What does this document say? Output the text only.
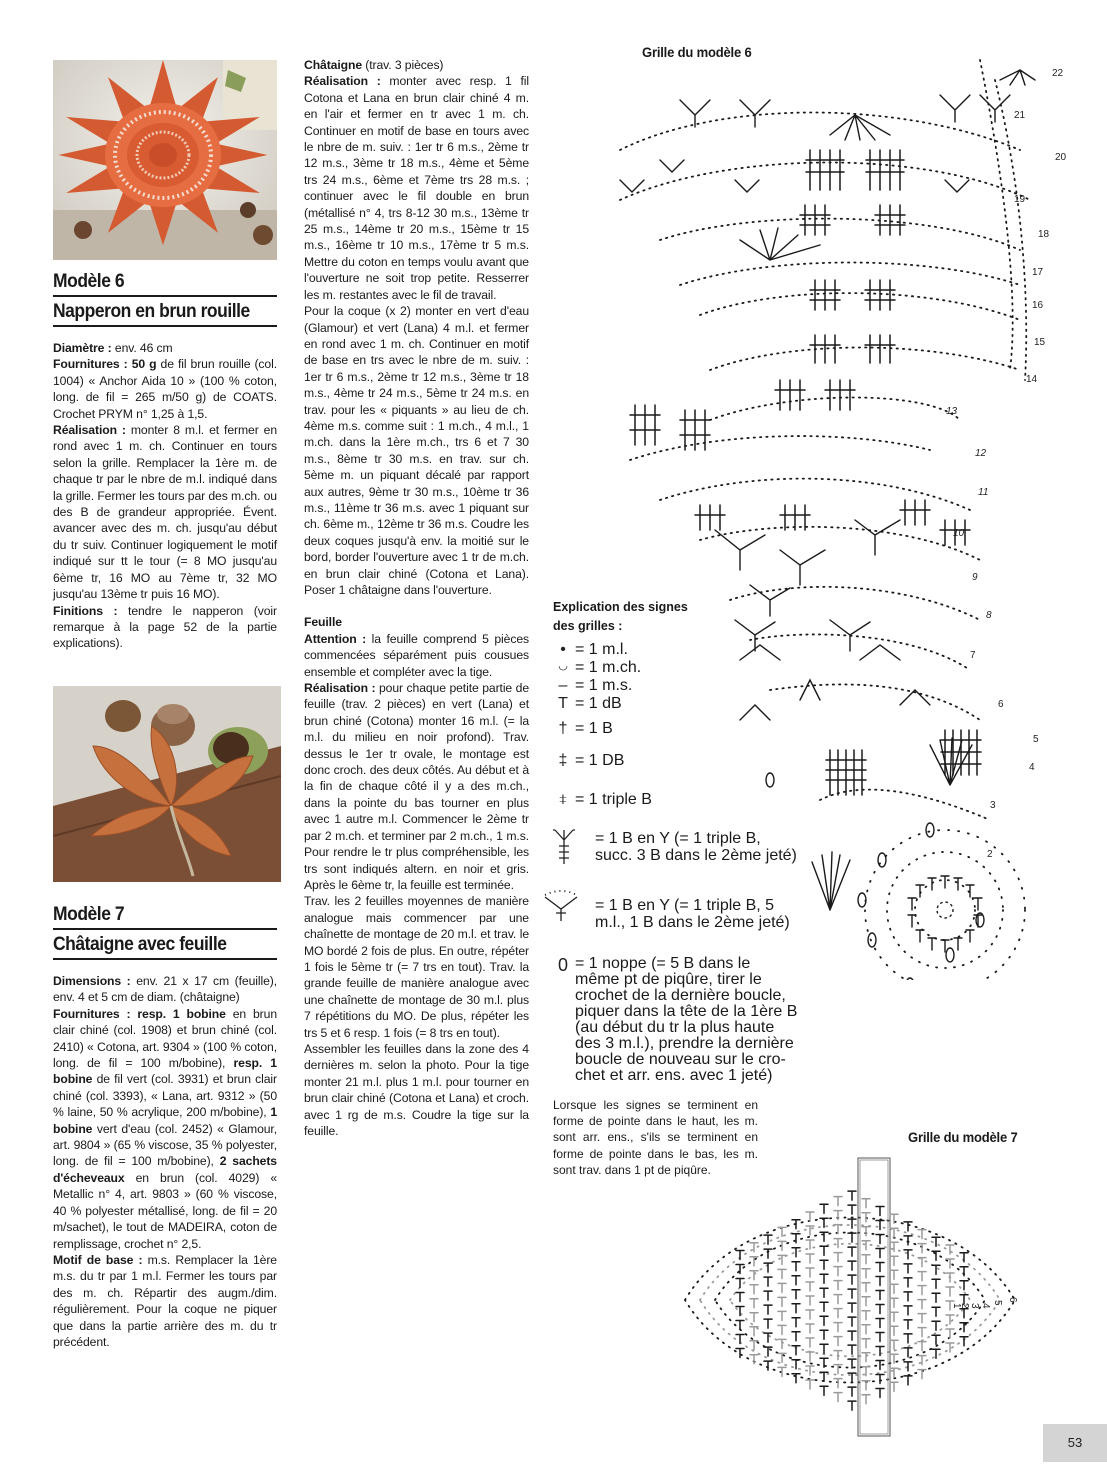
Modèle 6
Napperon en brun rouille
Modèle 7
Châtaigne avec feuille

Diamètre : env. 46 cm

Fournitures : 50 g de fil brun rouille (col. 1004) « Anchor Aida 10 » (100 % coton, long. de fil = 265 m/50 g) de COATS. Crochet PRYM n° 1,25 à 1,5.

Réalisation : monter 8 m.l. et fermer en rond avec 1 m. ch. Continuer en tours selon la grille. Remplacer la 1ère m. de chaque tr par le nbre de m.l. indiqué dans la grille. Fermer les tours par des m.ch. ou des B de grandeur appropriée. Évent. avancer avec des m. ch. jusqu'au début du tr suiv. Continuer logiquement le motif indiqué sur tt le tour (= 8 MO jusqu'au 6ème tr, 16 MO au 7ème tr, 32 MO jusqu'au 13ème tr puis 16 MO).

Finitions : tendre le napperon (voir remarque à la page 52 de la partie explications).

Dimensions : env. 21 x 17 cm (feuille), env. 4 et 5 cm de diam. (châtaigne)

Fournitures : resp. 1 bobine en brun clair chiné (col. 1908) et brun chiné (col. 2410) « Cotona, art. 9304 » (100 % coton, long. de fil = 100 m/bobine), resp. 1 bobine de fil vert (col. 3931) et brun clair chiné (col. 3393), « Lana, art. 9312 » (50 % laine, 50 % acrylique, 200 m/bobine), 1 bobine vert d'eau (col. 2452) « Glamour, art. 9804 » (65 % viscose, 35 % polyester, long. de fil = 100 m/bobine), 2 sachets d'écheveaux en brun (col. 4029) « Metallic n° 4, art. 9803 » (60 % viscose, 40 % polyester métallisé, long. de fil = 20 m/sachet), le tout de MADEIRA, coton de remplissage, crochet n° 2,5.

Motif de base : m.s. Remplacer la 1ère m.s. du tr par 1 m.l. Fermer les tours par des m. ch. Répartir des augm./dim. régulièrement. Pour la coque ne piquer que dans la partie arrière des m. du tr précédent.

Châtaigne (trav. 3 pièces)

Réalisation : monter avec resp. 1 fil Cotona et Lana en brun clair chiné 4 m. en l'air et fermer en tr avec 1 m. ch. Continuer en motif de base en tours avec le nbre de m. suiv. : 1er tr 6 m.s., 2ème tr 12 m.s., 3ème tr 18 m.s., 4ème et 5ème trs 24 m.s., 6ème et 7ème trs 28 m.s. ; continuer avec le fil double en brun (métallisé n° 4, trs 8-12 30 m.s., 13ème tr 25 m.s., 14ème tr 20 m.s., 15ème tr 15 m.s., 16ème tr 10 m.s., 17ème tr 5 m.s. Mettre du coton en temps voulu avant que l'ouverture ne soit trop petite. Resserrer les m. restantes avec le fil de travail.

Pour la coque (x 2) monter en vert d'eau (Glamour) et vert (Lana) 4 m.l. et fermer en rond avec 1 m. ch. Continuer en motif de base en trs avec le nbre de m. suiv. : 1er tr 6 m.s., 2ème tr 12 m.s., 3ème tr 18 m.s., 4ème tr 24 m.s., 5ème tr 24 m.s. en trav. pour les « piquants » au lieu de ch. 4ème m.s. comme suit : 1 m.ch., 4 m.l., 1 m.ch. dans la 1ère m.ch., trs 6 et 7 30 m.s., 8ème tr 30 m.s. en trav. sur ch. 5ème m. un piquant décalé par rapport aux autres, 9ème tr 30 m.s., 10ème tr 36 m.s., 11ème tr 36 m.s. avec 1 piquant sur ch. 6ème m., 12ème tr 36 m.s. Coudre les deux coques jusqu'à env. la moitié sur le bord, border l'ouverture avec 1 tr de m.ch. en brun clair chiné (Cotona et Lana). Poser 1 châtaigne dans l'ouverture.

Feuille

Attention : la feuille comprend 5 pièces commencées séparément puis cousues ensemble et compléter avec la tige.

Réalisation : pour chaque petite partie de feuille (trav. 2 pièces) en vert (Lana) et brun chiné (Cotona) monter 16 m.l. (= la m.l. du milieu en noir profond). Trav. dessus le 1er tr ovale, le montage est donc croch. des deux côtés. Au début et à la fin de chaque côté il y a des m.ch., dans la pointe du bas tourner en plus avec 1 autre m.l. Commencer le 2ème tr par 2 m.ch. et terminer par 2 m.ch., 1 m.s. Pour rendre le tr plus compréhensible, les trs sont indiqués altern. en noir et gris. Après le 6ème tr, la feuille est terminée.

Trav. les 2 feuilles moyennes de manière analogue mais commencer par une chaînette de montage de 20 m.l. et trav. le MO bordé 2 fois de plus. En outre, répéter 1 fois le 5ème tr (= 7 trs en tout). Trav. la grande feuille de manière analogue avec une chaînette de montage de 30 m.l. plus 7 répétitions du MO. De plus, répéter les trs 5 et 6 resp. 1 fois (= 8 trs en tout).

Assembler les feuilles dans la zone des 4 dernières m. selon la photo. Pour la tige monter 21 m.l. plus 1 m.l. pour tourner en brun clair chiné (Cotona et Lana) et croch. avec 1 rg de m.s. Coudre la tige sur la feuille.

Grille du modèle 6
22
21
20
19
18
17
16
15
14
13
12
11
10
9
8
7
6
5
4
3
2
Explication des signes
des grilles :
• = 1 m.l.
◡ = 1 m.ch.
– = 1 m.s.
T = 1 dB
† = 1 B
‡ = 1 DB
⧧ = 1 triple B
= 1 B en Y (= 1 triple B,
succ. 3 B dans le 2ème jeté)
= 1 B en Y (= 1 triple B, 5
m.l., 1 B dans le 2ème jeté)
0 = 1 noppe (= 5 B dans le
même pt de piqûre, tirer le
crochet de la dernière boucle,
piquer dans la tête de la 1ère B
(au début du tr la plus haute
des 3 m.l.), prendre la dernière
boucle de nouveau sur le cro-
chet et arr. ens. avec 1 jeté)
Lorsque les signes se terminent en forme de pointe dans le haut, les m. sont arr. ens., s'ils se terminent en forme de pointe dans le bas, les m. sont trav. dans 1 pt de piqûre.
Grille du modèle 7
6
5
4
3
2
1
53
